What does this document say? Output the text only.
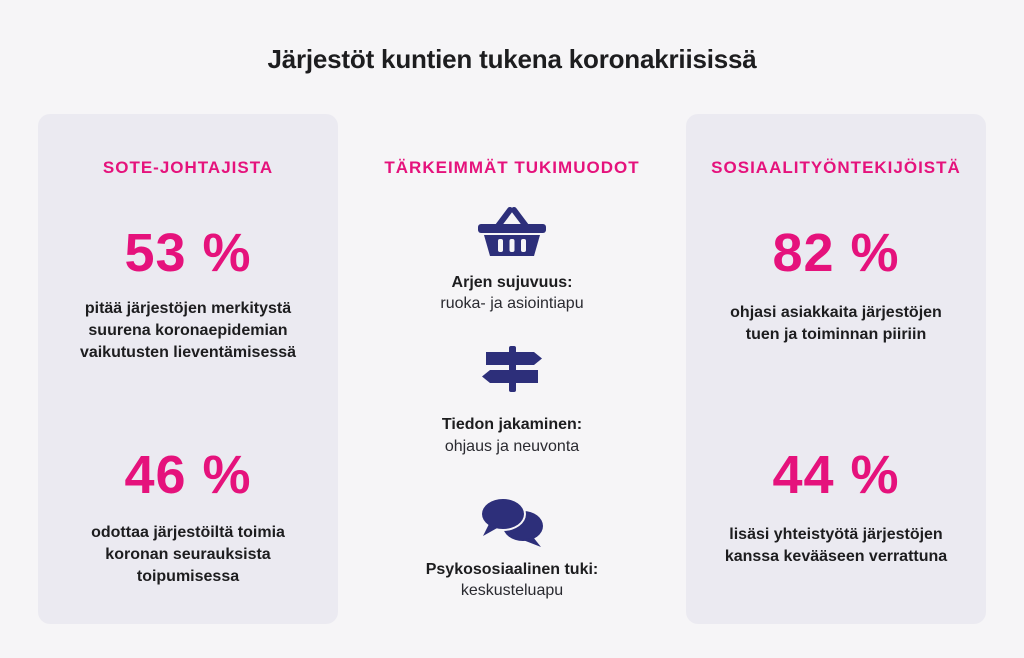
Järjestöt kuntien tukena koronakriisissä
SOTE-JOHTAJISTA
53 %
pitää järjestöjen merkitystä
suurena koronaepidemian
vaikutusten lieventämisessä
46 %
odottaa järjestöiltä toimia
koronan seurauksista
toipumisessa
TÄRKEIMMÄT TUKIMUODOT
Arjen sujuvuus:
ruoka- ja asiointiapu
Tiedon jakaminen:
ohjaus ja neuvonta
Psykososiaalinen tuki:
keskusteluapu
SOSIAALITYÖNTEKIJÖISTÄ
82 %
ohjasi asiakkaita järjestöjen
tuen ja toiminnan piiriin
44 %
lisäsi yhteistyötä järjestöjen
kanssa kevääseen verrattuna
